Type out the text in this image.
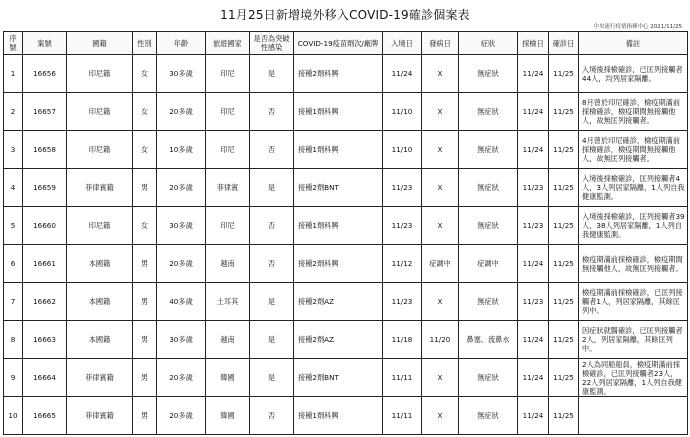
11月25日新增境外移入COVID-19確診個案表
中央流行疫情指揮中心 2021/11/25
序號	案號	國籍	性別	年齡	旅遊國家	是否為突破性感染	COVID-19疫苗劑次/廠牌	入境日	發病日	症狀	採檢日	確診日	備註
1	16656	印尼籍	女	30多歲	印尼	是	接種2劑科興	11/24	X	無症狀	11/24	11/25	入境後採檢確診，已匡列接觸者44人，均列居家隔離。
2	16657	印尼籍	女	20多歲	印尼	否	接種1劑科興	11/10	X	無症狀	11/24	11/25	8月曾於印尼確診，檢疫期滿前採檢確診，檢疫期間無接觸他人，故無匡列接觸者。
3	16658	印尼籍	女	10多歲	印尼	否	接種1劑科興	11/10	X	無症狀	11/24	11/25	4月曾於印尼確診，檢疫期滿前採檢確診，檢疫期間無接觸他人，故無匡列接觸者。
4	16659	菲律賓籍	男	20多歲	菲律賓	是	接種2劑BNT	11/23	X	無症狀	11/23	11/25	入境後採檢確診，匡列接觸者4人，3人列居家隔離，1人列自我健康監測。
5	16660	印尼籍	女	30多歲	印尼	否	接種1劑科興	11/23	X	無症狀	11/23	11/25	入境後採檢確診，匡列接觸者39人，38人列居家隔離，1人列自我健康監測。
6	16661	本國籍	男	20多歲	越南	否	接種2劑科興	11/12	症調中	症調中	11/24	11/25	檢疫期滿前採檢確診，檢疫期間無接觸他人，故無匡列接觸者。
7	16662	本國籍	男	40多歲	土耳其	是	接種2劑AZ	11/23	X	無症狀	11/23	11/25	檢疫期滿前採檢確診，已匡列接觸者1人，列居家隔離，其餘匡列中。
8	16663	本國籍	男	30多歲	越南	是	接種2劑AZ	11/18	11/20	鼻塞、流鼻水	11/24	11/25	因症狀就醫確診，已匡列接觸者2人，列居家隔離，其餘匡列中。
9	16664	菲律賓籍	男	20多歲	韓國	是	接種2劑BNT	11/11	X	無症狀	11/24	11/25	2人為同船船員，檢疫期滿前採檢確診，已匡列接觸者23人，22人列居家隔離，1人列自我健康監測。
10	16665	菲律賓籍	男	20多歲	韓國	否	接種1劑科興	11/11	X	無症狀	11/24	11/25	
